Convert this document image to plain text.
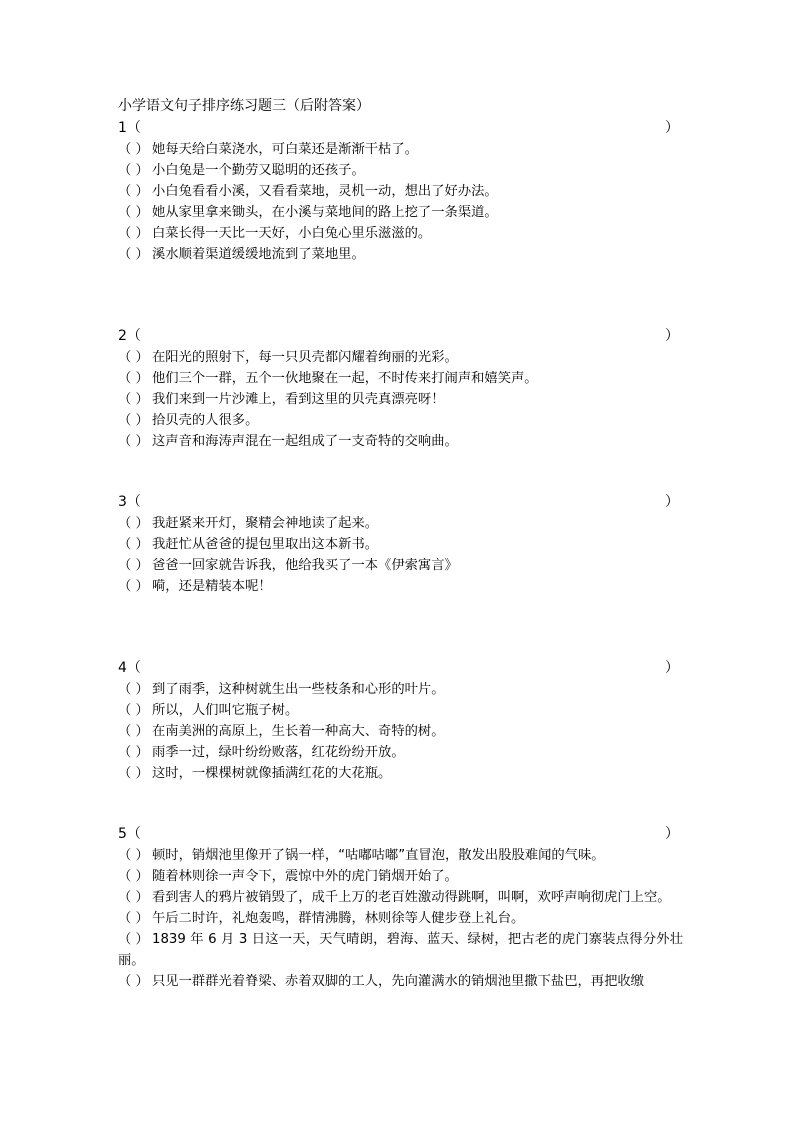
小学语文句子排序练习题三（后附答案）
1（	）
（ ） 她每天给白菜浇水，可白菜还是渐渐干枯了。
（ ） 小白兔是一个勤劳又聪明的还孩子。
（ ） 小白兔看看小溪，又看看菜地，灵机一动，想出了好办法。
（ ） 她从家里拿来锄头，在小溪与菜地间的路上挖了一条渠道。
（ ） 白菜长得一天比一天好，小白兔心里乐滋滋的。
（ ） 溪水顺着渠道缓缓地流到了菜地里。
2（	）
（ ） 在阳光的照射下，每一只贝壳都闪耀着绚丽的光彩。
（ ） 他们三个一群，五个一伙地聚在一起，不时传来打闹声和嬉笑声。
（ ） 我们来到一片沙滩上，看到这里的贝壳真漂亮呀！
（ ） 拾贝壳的人很多。
（ ） 这声音和海涛声混在一起组成了一支奇特的交响曲。
3（	）
（ ） 我赶紧来开灯，聚精会神地读了起来。
（ ） 我赶忙从爸爸的提包里取出这本新书。
（ ） 爸爸一回家就告诉我，他给我买了一本《伊索寓言》
（ ） 嗬，还是精装本呢！
4（	）
（ ） 到了雨季，这种树就生出一些枝条和心形的叶片。
（ ） 所以，人们叫它瓶子树。
（ ） 在南美洲的高原上，生长着一种高大、奇特的树。
（ ） 雨季一过，绿叶纷纷败落，红花纷纷开放。
（ ） 这时，一棵棵树就像插满红花的大花瓶。
5（	）
（ ） 顿时，销烟池里像开了锅一样，“咕嘟咕嘟”直冒泡，散发出股股难闻的气味。
（ ） 随着林则徐一声令下，震惊中外的虎门销烟开始了。
（ ） 看到害人的鸦片被销毁了，成千上万的老百姓激动得跳啊，叫啊，欢呼声响彻虎门上空。
（ ） 午后二时许，礼炮轰鸣，群情沸腾，林则徐等人健步登上礼台。
（ ） 1839 年 6 月 3 日这一天，天气晴朗，碧海、蓝天、绿树，把古老的虎门寨装点得分外壮丽。
（ ） 只见一群群光着脊梁、赤着双脚的工人，先向灌满水的销烟池里撒下盐巴，再把收缴
